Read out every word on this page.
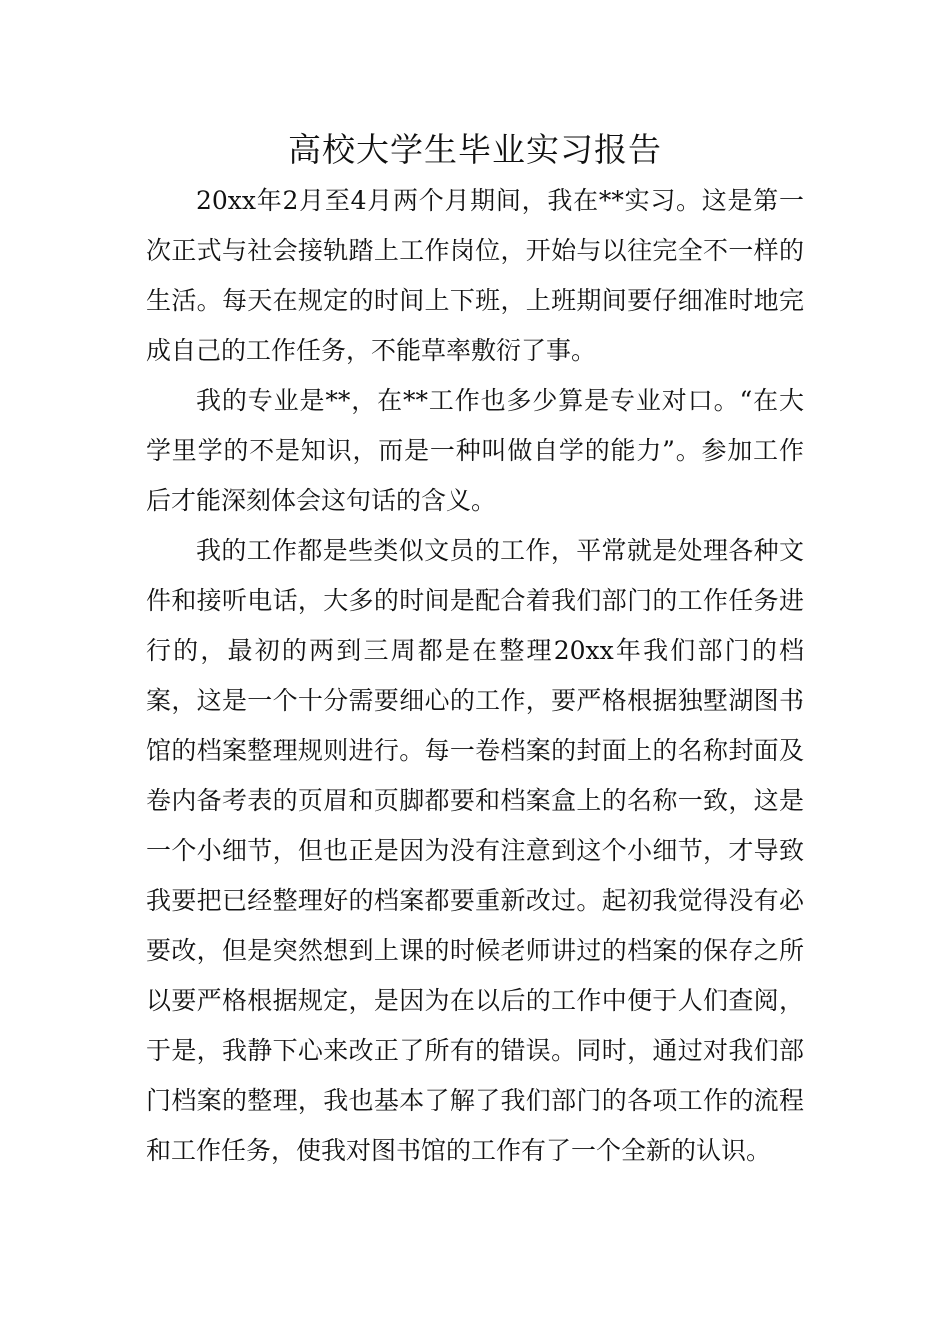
高校大学生毕业实习报告

20xx年2月至4月两个月期间，我在**实习。这是第一次正式与社会接轨踏上工作岗位，开始与以往完全不一样的生活。每天在规定的时间上下班，上班期间要仔细准时地完成自己的工作任务，不能草率敷衍了事。

我的专业是**，在**工作也多少算是专业对口。“在大学里学的不是知识，而是一种叫做自学的能力”。参加工作后才能深刻体会这句话的含义。

我的工作都是些类似文员的工作，平常就是处理各种文件和接听电话，大多的时间是配合着我们部门的工作任务进行的，最初的两到三周都是在整理20xx年我们部门的档案，这是一个十分需要细心的工作，要严格根据独墅湖图书馆的档案整理规则进行。每一卷档案的封面上的名称封面及卷内备考表的页眉和页脚都要和档案盒上的名称一致，这是一个小细节，但也正是因为没有注意到这个小细节，才导致我要把已经整理好的档案都要重新改过。起初我觉得没有必要改，但是突然想到上课的时候老师讲过的档案的保存之所以要严格根据规定，是因为在以后的工作中便于人们查阅，于是，我静下心来改正了所有的错误。同时，通过对我们部门档案的整理，我也基本了解了我们部门的各项工作的流程和工作任务，使我对图书馆的工作有了一个全新的认识。
